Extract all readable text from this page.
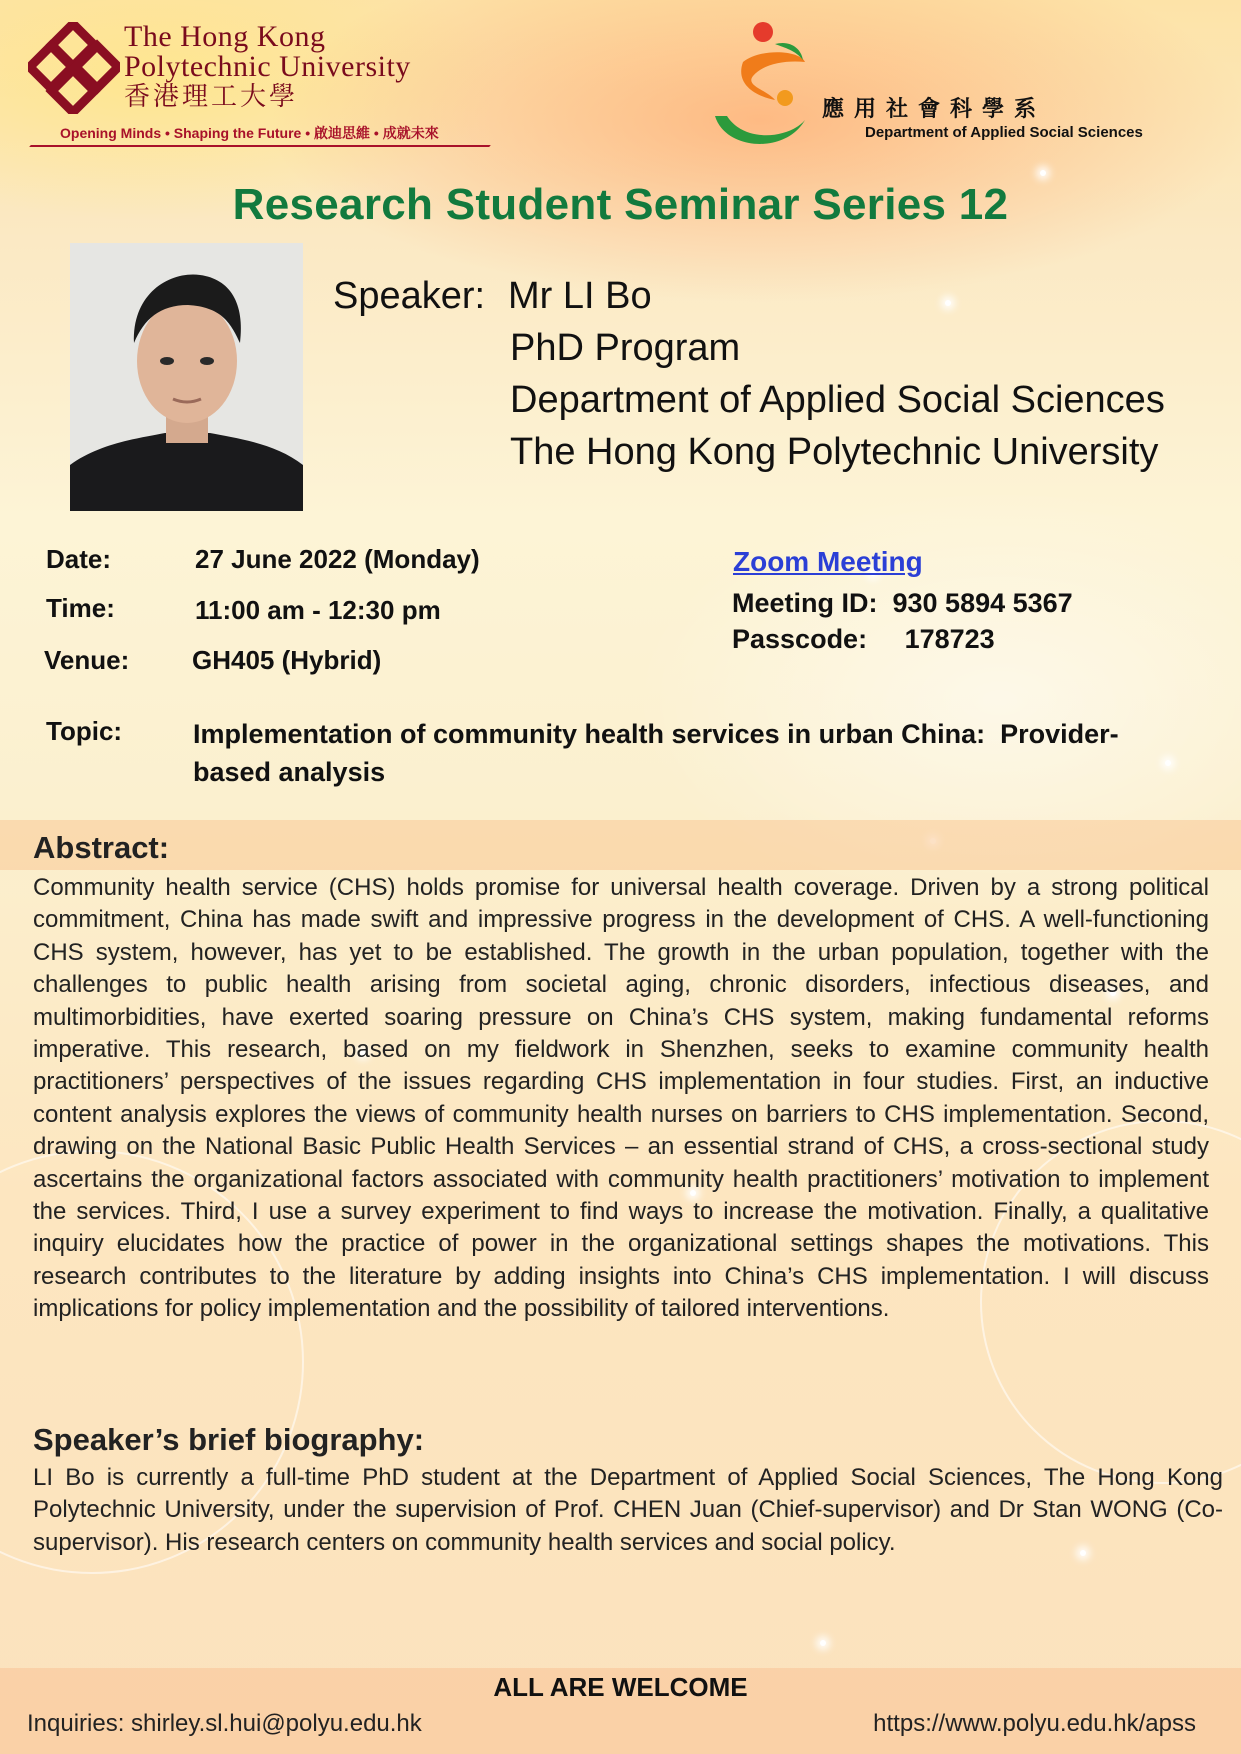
The Hong Kong
Polytechnic University
香港理工大學
Opening Minds • Shaping the Future • 啟迪思維 • 成就未來
應用社會科學系
Department of Applied Social Sciences
Research Student Seminar Series 12
Speaker: Mr LI Bo
PhD Program
Department of Applied Social Sciences
The Hong Kong Polytechnic University
Date:	27 June 2022 (Monday)
Time:	11:00 am - 12:30 pm
Venue: GH405 (Hybrid)
Zoom Meeting
Meeting ID:  930 5894 5367
Passcode:     178723
Topic:	Implementation of community health services in urban China:  Provider-based analysis
Abstract:
Community health service (CHS) holds promise for universal health coverage. Driven by a strong political commitment, China has made swift and impressive progress in the development of CHS. A well-functioning CHS system, however, has yet to be established. The growth in the urban population, together with the challenges to public health arising from societal aging, chronic disorders, infectious diseases, and multimorbidities, have exerted soaring pressure on China’s CHS system, making fundamental reforms imperative. This research, based on my fieldwork in Shenzhen, seeks to examine community health practitioners’ perspectives of the issues regarding CHS implementation in four studies. First, an inductive content analysis explores the views of community health nurses on barriers to CHS implementation. Second, drawing on the National Basic Public Health Services – an essential strand of CHS, a cross-sectional study ascertains the organizational factors associated with community health practitioners’ motivation to implement the services. Third, I use a survey experiment to find ways to increase the motivation. Finally, a qualitative inquiry elucidates how the practice of power in the organizational settings shapes the motivations. This research contributes to the literature by adding insights into China’s CHS implementation. I will discuss implications for policy implementation and the possibility of tailored interventions.
Speaker’s brief biography:
LI Bo is currently a full-time PhD student at the Department of Applied Social Sciences, The Hong Kong Polytechnic University, under the supervision of Prof. CHEN Juan (Chief-supervisor) and Dr Stan WONG (Co-supervisor). His research centers on community health services and social policy.
ALL ARE WELCOME
Inquiries: shirley.sl.hui@polyu.edu.hk	https://www.polyu.edu.hk/apss
